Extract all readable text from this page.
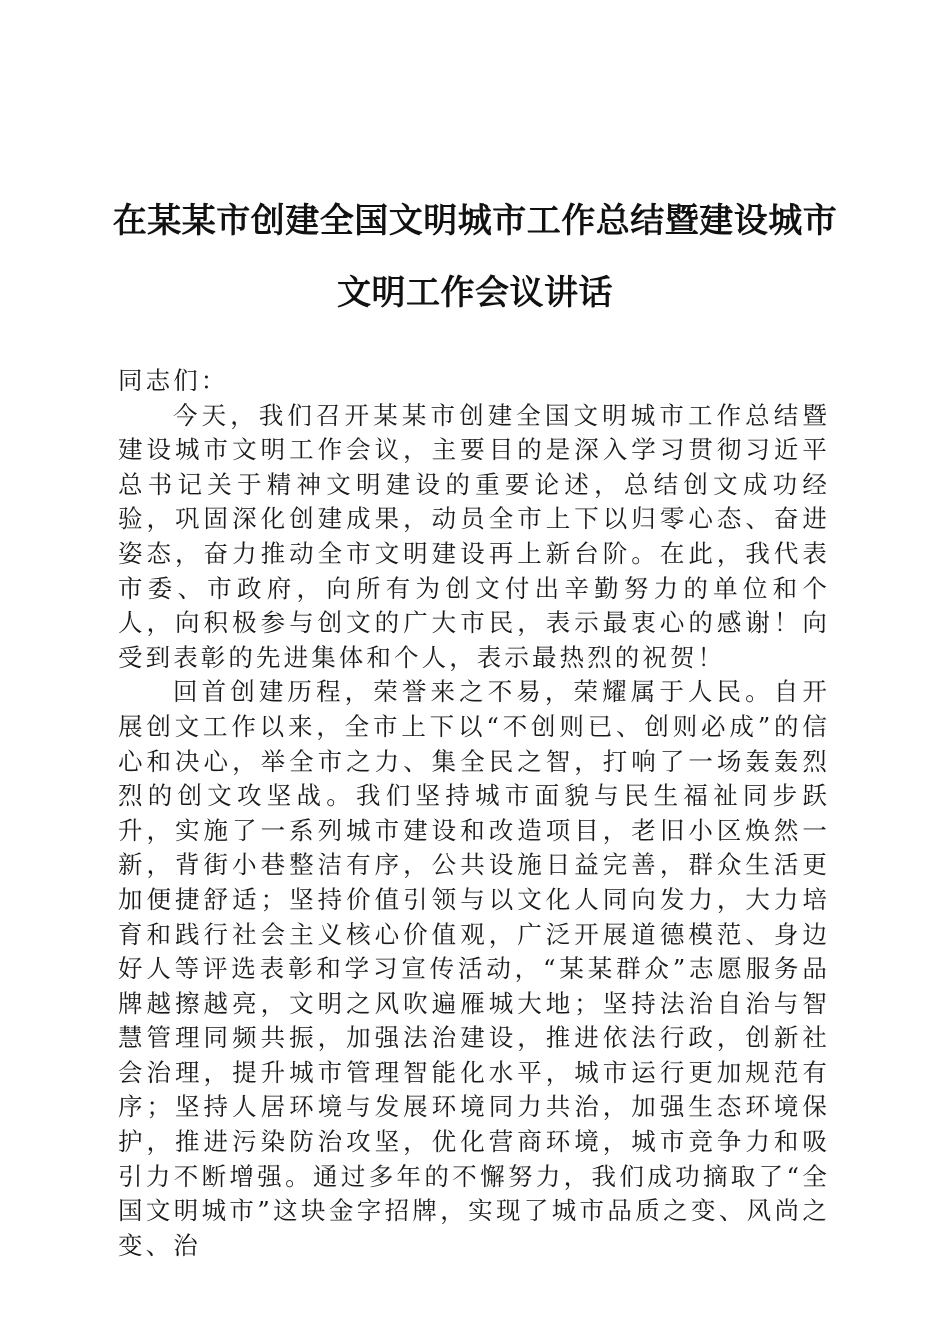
在某某市创建全国文明城市工作总结暨建设城市文明工作会议讲话

同志们：

今天，我们召开某某市创建全国文明城市工作总结暨建设城市文明工作会议，主要目的是深入学习贯彻习近平总书记关于精神文明建设的重要论述，总结创文成功经验，巩固深化创建成果，动员全市上下以归零心态、奋进姿态，奋力推动全市文明建设再上新台阶。在此，我代表市委、市政府，向所有为创文付出辛勤努力的单位和个人，向积极参与创文的广大市民，表示最衷心的感谢！向受到表彰的先进集体和个人，表示最热烈的祝贺！

回首创建历程，荣誉来之不易，荣耀属于人民。自开展创文工作以来，全市上下以“不创则已、创则必成”的信心和决心，举全市之力、集全民之智，打响了一场轰轰烈烈的创文攻坚战。我们坚持城市面貌与民生福祉同步跃升，实施了一系列城市建设和改造项目，老旧小区焕然一新，背街小巷整洁有序，公共设施日益完善，群众生活更加便捷舒适；坚持价值引领与以文化人同向发力，大力培育和践行社会主义核心价值观，广泛开展道德模范、身边好人等评选表彰和学习宣传活动，“某某群众”志愿服务品牌越擦越亮，文明之风吹遍雁城大地；坚持法治自治与智慧管理同频共振，加强法治建设，推进依法行政，创新社会治理，提升城市管理智能化水平，城市运行更加规范有序；坚持人居环境与发展环境同力共治，加强生态环境保护，推进污染防治攻坚，优化营商环境，城市竞争力和吸引力不断增强。通过多年的不懈努力，我们成功摘取了“全国文明城市”这块金字招牌，实现了城市品质之变、风尚之变、治
